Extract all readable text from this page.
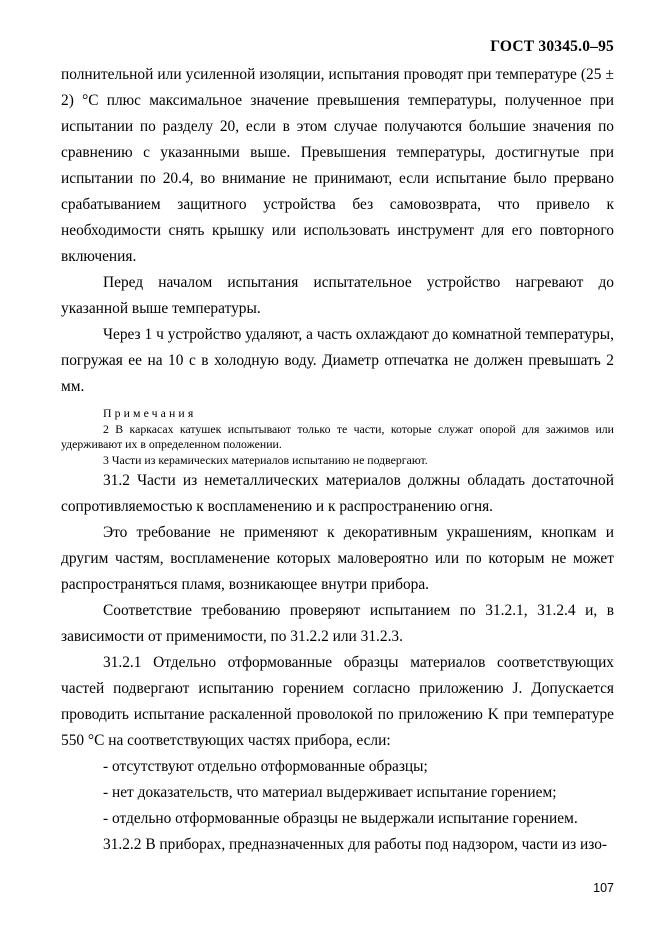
ГОСТ 30345.0–95

полнительной или усиленной изоляции, испытания проводят при температуре (25 ± 2) °С плюс максимальное значение превышения температуры, полученное при испытании по разделу 20, если в этом случае получаются большие значения по сравнению с указанными выше. Превышения температуры, достигнутые при испытании по 20.4, во внимание не принимают, если испытание было прервано срабатыванием защитного устройства без самовозврата, что привело к необходимости снять крышку или использовать инструмент для его повторного включения.

Перед началом испытания испытательное устройство нагревают до указанной выше температуры.

Через 1 ч устройство удаляют, а часть охлаждают до комнатной температуры, погружая ее на 10 с в холодную воду. Диаметр отпечатка не должен превышать 2 мм.

Примечания

2 В каркасах катушек испытывают только те части, которые служат опорой для зажимов или удерживают их в определенном положении.

3 Части из керамических материалов испытанию не подвергают.

31.2 Части из неметаллических материалов должны обладать достаточной сопротивляемостью к воспламенению и к распространению огня.

Это требование не применяют к декоративным украшениям, кнопкам и другим частям, воспламенение которых маловероятно или по которым не может распространяться пламя, возникающее внутри прибора.

Соответствие требованию проверяют испытанием по 31.2.1, 31.2.4 и, в зависимости от применимости, по 31.2.2 или 31.2.3.

31.2.1 Отдельно отформованные образцы материалов соответствующих частей подвергают испытанию горением согласно приложению J. Допускается проводить испытание раскаленной проволокой по приложению K при температуре 550 °С на соответствующих частях прибора, если:

- отсутствуют отдельно отформованные образцы;

- нет доказательств, что материал выдерживает испытание горением;

- отдельно отформованные образцы не выдержали испытание горением.

31.2.2 В приборах, предназначенных для работы под надзором, части из изо-

107
